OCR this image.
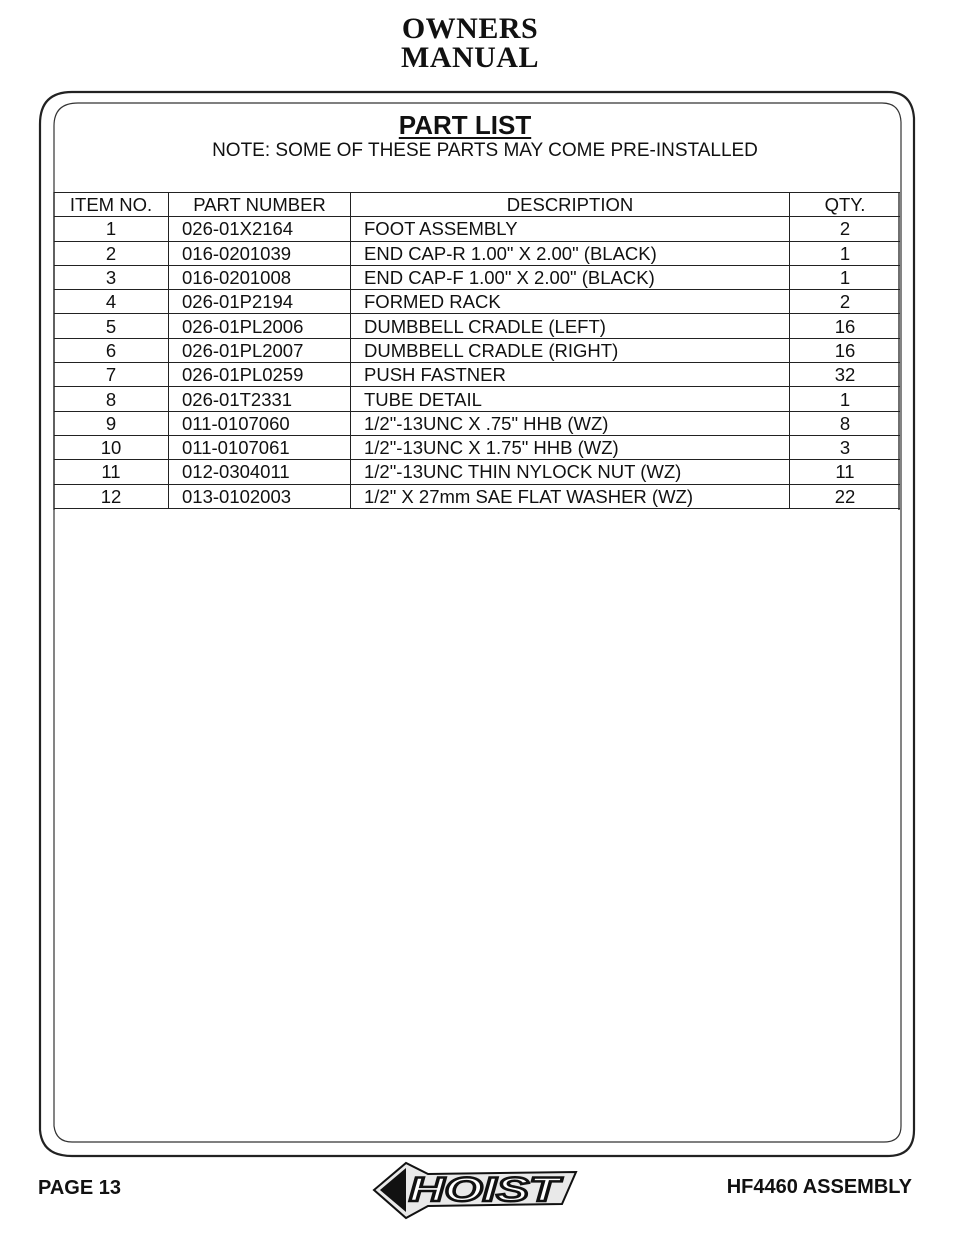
OWNERS
MANUAL
PART LIST
NOTE: SOME OF THESE PARTS MAY COME PRE-INSTALLED
ITEM NO.	PART NUMBER	DESCRIPTION	QTY.
1	026-01X2164	FOOT ASSEMBLY	2
2	016-0201039	END CAP-R 1.00" X 2.00" (BLACK)	1
3	016-0201008	END CAP-F 1.00" X 2.00" (BLACK)	1
4	026-01P2194	FORMED RACK	2
5	026-01PL2006	DUMBBELL CRADLE (LEFT)	16
6	026-01PL2007	DUMBBELL CRADLE (RIGHT)	16
7	026-01PL0259	PUSH FASTNER	32
8	026-01T2331	TUBE DETAIL	1
9	011-0107060	1/2"-13UNC X .75" HHB (WZ)	8
10	011-0107061	1/2"-13UNC X 1.75" HHB (WZ)	3
11	012-0304011	1/2"-13UNC THIN NYLOCK NUT (WZ)	11
12	013-0102003	1/2" X 27mm SAE FLAT WASHER (WZ)	22
PAGE 13	HOIST	HF4460 ASSEMBLY
